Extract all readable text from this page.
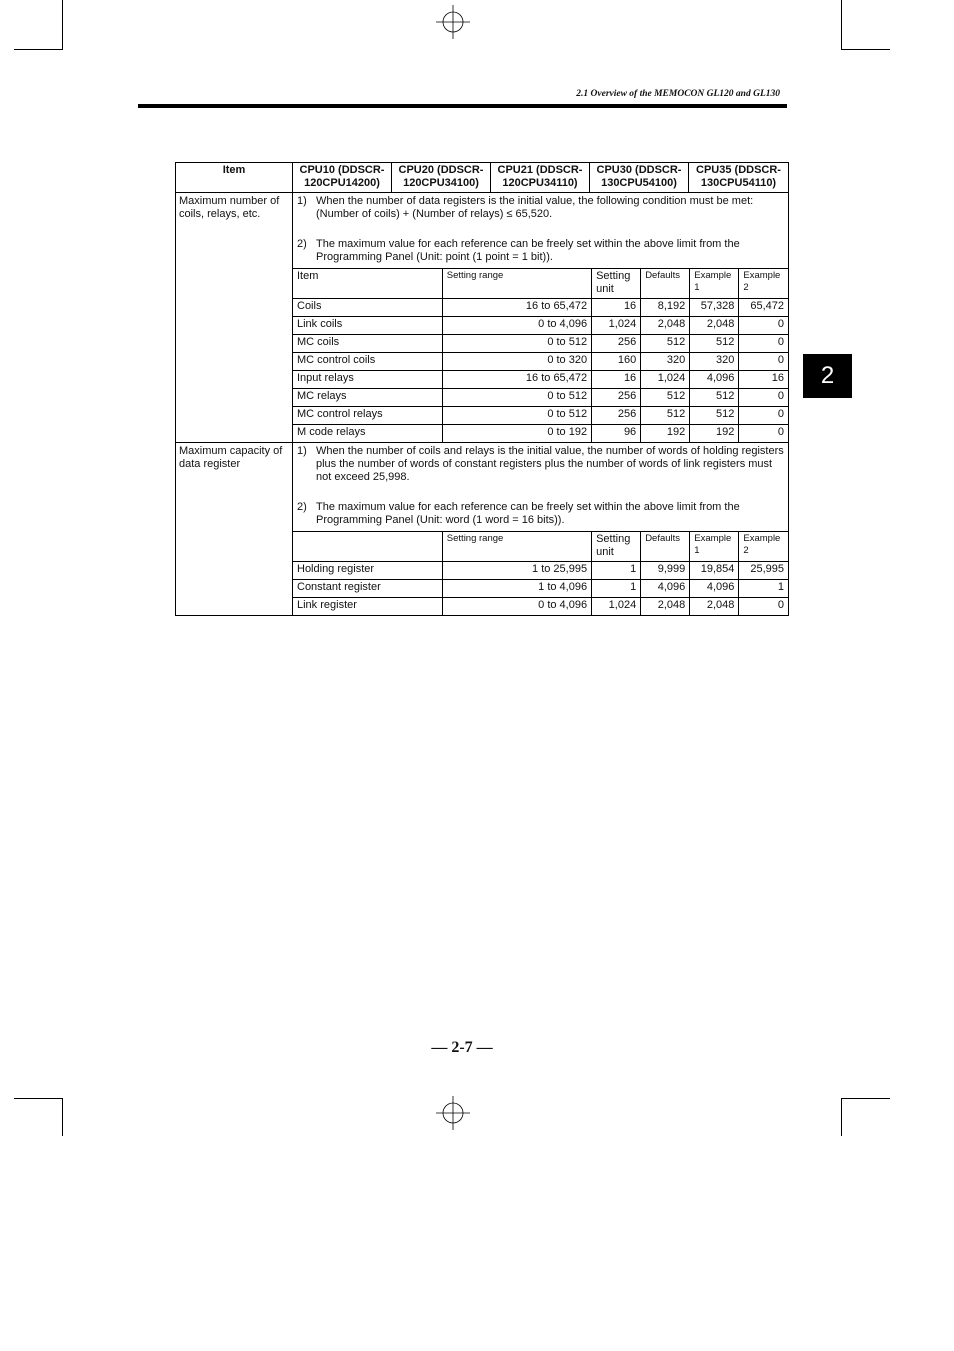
2.1 Overview of the MEMOCON GL120 and GL130
2
Item	CPU10 (DDSCR- 120CPU14200)	CPU20 (DDSCR- 120CPU34100)	CPU21 (DDSCR- 120CPU34110)	CPU30 (DDSCR- 130CPU54100)	CPU35 (DDSCR- 130CPU54110)
Maximum number of coils, relays, etc.	
1) When the number of data registers is the initial value, the following condition must be met:
(Number of coils) + (Number of relays) ≤ 65,520.
2) The maximum value for each reference can be freely set within the above limit from the Programming Panel (Unit: point (1 point = 1 bit)).
Item	Setting range	Setting unit	Defaults	Example 1	Example 2
Coils	16 to 65,472	16	8,192	57,328	65,472
Link coils	0 to 4,096	1,024	2,048	2,048	0
MC coils	0 to 512	256	512	512	0
MC control coils	0 to 320	160	320	320	0
Input relays	16 to 65,472	16	1,024	4,096	16
MC relays	0 to 512	256	512	512	0
MC control relays	0 to 512	256	512	512	0
M code relays	0 to 192	96	192	192	0

Maximum capacity of data register	
1) When the number of coils and relays is the initial value, the number of words of holding registers plus the number of words of constant registers plus the number of words of link registers must not exceed 25,998.
2) The maximum value for each reference can be freely set within the above limit from the Programming Panel (Unit: word (1 word = 16 bits)).
	Setting range	Setting unit	Defaults	Example 1	Example 2
Holding register	1 to 25,995	1	9,999	19,854	25,995
Constant register	1 to 4,096	1	4,096	4,096	1
Link register	0 to 4,096	1,024	2,048	2,048	0
— 2-7 —
